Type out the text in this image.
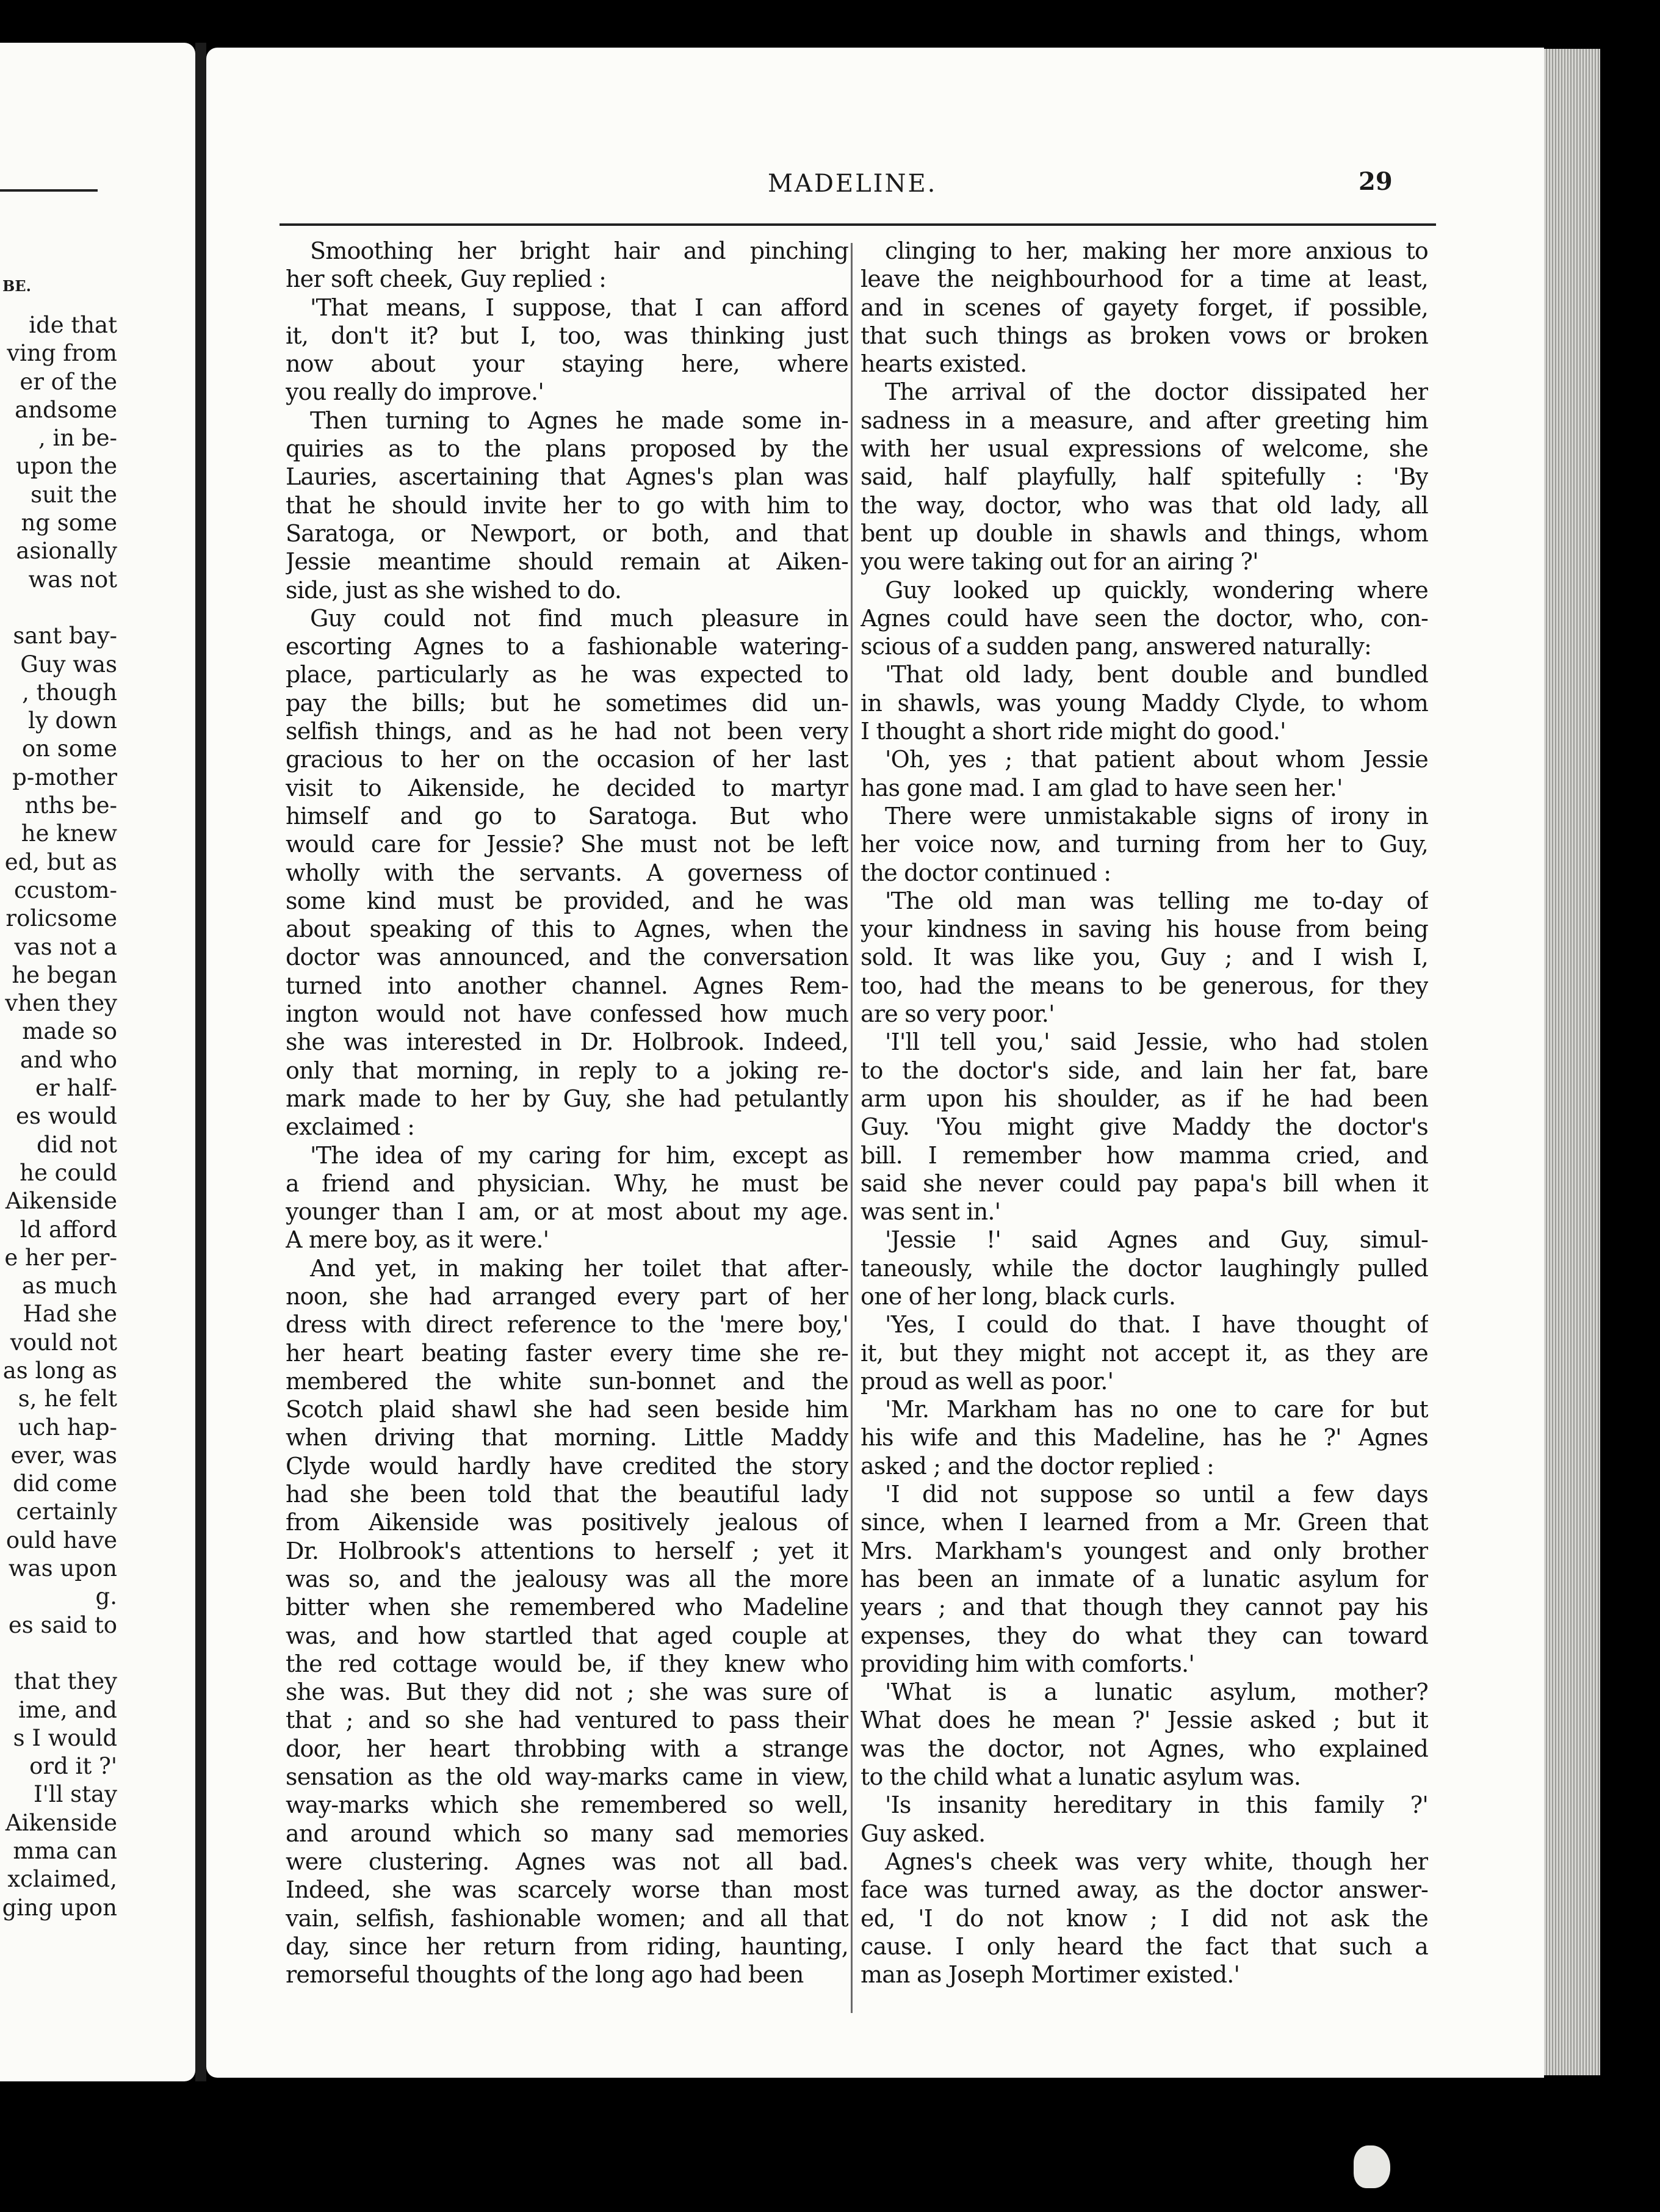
BE.
ide that
ving from
er of the
andsome
, in be-
upon the
suit the
ng some
asionally
was not
sant bay-
Guy was
, though
ly down
on some
p-mother
nths be-
he knew
ed, but as
ccustom-
rolicsome
vas not a
he began
vhen they
made so
and who
er half-
es would
did not
he could
Aikenside
ld afford
e her per-
as much
Had she
vould not
as long as
s, he felt
uch hap-
ever, was
did come
certainly
ould have
was upon
g.
es said to
that they
ime, and
s I would
ord it ?'
I'll stay
Aikenside
mma can
xclaimed,
ging upon
MADELINE.	29

Smoothing her bright hair and pinching
her soft cheek, Guy replied :

'That means, I suppose, that I can afford
it, don't it? but I, too, was thinking just
now about your staying here, where
you really do improve.'

Then turning to Agnes he made some in-
quiries as to the plans proposed by the
Lauries, ascertaining that Agnes's plan was
that he should invite her to go with him to
Saratoga, or Newport, or both, and that
Jessie meantime should remain at Aiken-
side, just as she wished to do.

Guy could not find much pleasure in
escorting Agnes to a fashionable watering-
place, particularly as he was expected to
pay the bills; but he sometimes did un-
selfish things, and as he had not been very
gracious to her on the occasion of her last
visit to Aikenside, he decided to martyr
himself and go to Saratoga. But who
would care for Jessie? She must not be left
wholly with the servants. A governess of
some kind must be provided, and he was
about speaking of this to Agnes, when the
doctor was announced, and the conversation
turned into another channel. Agnes Rem-
ington would not have confessed how much
she was interested in Dr. Holbrook. Indeed,
only that morning, in reply to a joking re-
mark made to her by Guy, she had petulantly
exclaimed :

'The idea of my caring for him, except as
a friend and physician. Why, he must be
younger than I am, or at most about my age.
A mere boy, as it were.'

And yet, in making her toilet that after-
noon, she had arranged every part of her
dress with direct reference to the 'mere boy,'
her heart beating faster every time she re-
membered the white sun-bonnet and the
Scotch plaid shawl she had seen beside him
when driving that morning. Little Maddy
Clyde would hardly have credited the story
had she been told that the beautiful lady
from Aikenside was positively jealous of
Dr. Holbrook's attentions to herself ; yet it
was so, and the jealousy was all the more
bitter when she remembered who Madeline
was, and how startled that aged couple at
the red cottage would be, if they knew who
she was. But they did not ; she was sure of
that ; and so she had ventured to pass their
door, her heart throbbing with a strange
sensation as the old way-marks came in view,
way-marks which she remembered so well,
and around which so many sad memories
were clustering. Agnes was not all bad.
Indeed, she was scarcely worse than most
vain, selfish, fashionable women; and all that
day, since her return from riding, haunting,
remorseful thoughts of the long ago had been

clinging to her, making her more anxious to
leave the neighbourhood for a time at least,
and in scenes of gayety forget, if possible,
that such things as broken vows or broken
hearts existed.

The arrival of the doctor dissipated her
sadness in a measure, and after greeting him
with her usual expressions of welcome, she
said, half playfully, half spitefully : 'By
the way, doctor, who was that old lady, all
bent up double in shawls and things, whom
you were taking out for an airing ?'

Guy looked up quickly, wondering where
Agnes could have seen the doctor, who, con-
scious of a sudden pang, answered naturally:

'That old lady, bent double and bundled
in shawls, was young Maddy Clyde, to whom
I thought a short ride might do good.'

'Oh, yes ; that patient about whom Jessie
has gone mad. I am glad to have seen her.'

There were unmistakable signs of irony in
her voice now, and turning from her to Guy,
the doctor continued :

'The old man was telling me to-day of
your kindness in saving his house from being
sold. It was like you, Guy ; and I wish I,
too, had the means to be generous, for they
are so very poor.'

'I'll tell you,' said Jessie, who had stolen
to the doctor's side, and lain her fat, bare
arm upon his shoulder, as if he had been
Guy. 'You might give Maddy the doctor's
bill. I remember how mamma cried, and
said she never could pay papa's bill when it
was sent in.'

'Jessie !' said Agnes and Guy, simul-
taneously, while the doctor laughingly pulled
one of her long, black curls.

'Yes, I could do that. I have thought of
it, but they might not accept it, as they are
proud as well as poor.'

'Mr. Markham has no one to care for but
his wife and this Madeline, has he ?' Agnes
asked ; and the doctor replied :

'I did not suppose so until a few days
since, when I learned from a Mr. Green that
Mrs. Markham's youngest and only brother
has been an inmate of a lunatic asylum for
years ; and that though they cannot pay his
expenses, they do what they can toward
providing him with comforts.'

'What is a lunatic asylum, mother?
What does he mean ?' Jessie asked ; but it
was the doctor, not Agnes, who explained
to the child what a lunatic asylum was.

'Is insanity hereditary in this family ?'
Guy asked.

Agnes's cheek was very white, though her
face was turned away, as the doctor answer-
ed, 'I do not know ; I did not ask the
cause. I only heard the fact that such a
man as Joseph Mortimer existed.'
